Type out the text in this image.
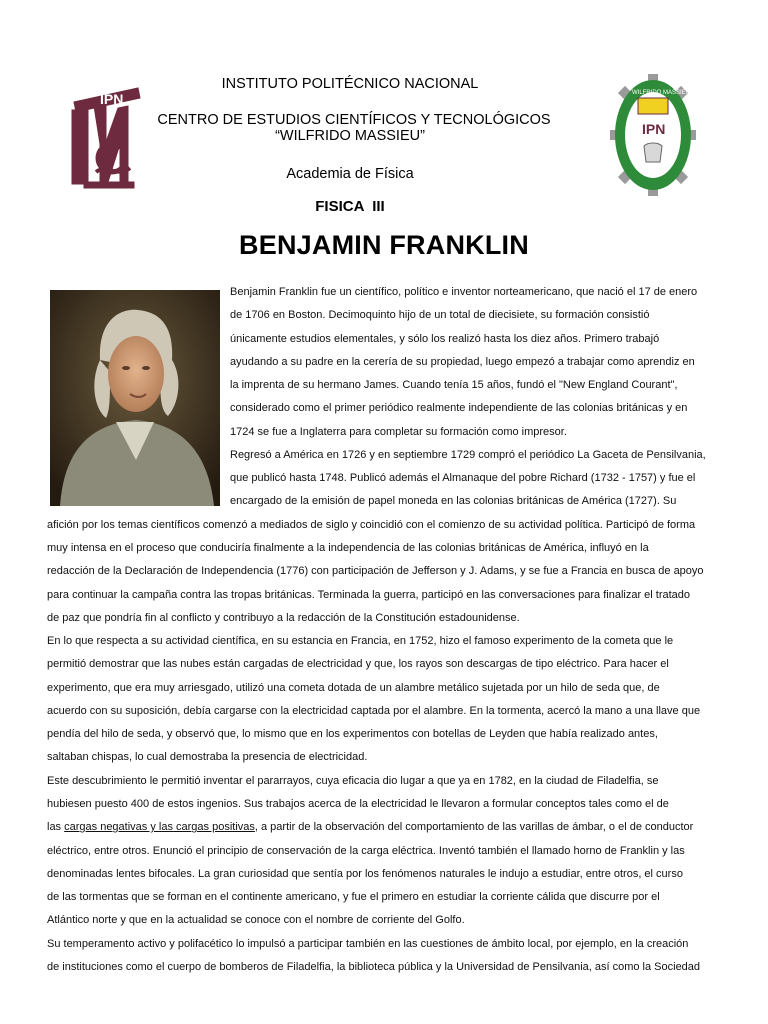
IPN
IPN
WILFRIDO MASSIEU
INSTITUTO POLITÉCNICO NACIONAL
CENTRO DE ESTUDIOS CIENTÍFICOS Y TECNOLÓGICOS
“WILFRIDO MASSIEU”
Academia de Física
FISICA  III
BENJAMIN FRANKLIN
Benjamin Franklin fue un científico, político e inventor norteamericano, que nació el 17 de enero
de 1706 en Boston. Decimoquinto hijo de un total de diecisiete, su formación consistió
únicamente estudios elementales, y sólo los realizó hasta los diez años. Primero trabajó
ayudando a su padre en la cerería de su propiedad, luego empezó a trabajar como aprendiz en
la imprenta de su hermano James. Cuando tenía 15 años, fundó el "New England Courant",
considerado como el primer periódico realmente independiente de las colonias británicas y en
1724 se fue a Inglaterra para completar su formación como impresor.
Regresó a América en 1726 y en septiembre 1729 compró el periódico La Gaceta de Pensilvania,
que publicó hasta 1748. Publicó además el Almanaque del pobre Richard (1732 - 1757) y fue el
encargado de la emisión de papel moneda en las colonias británicas de América (1727). Su
afición por los temas científicos comenzó a mediados de siglo y coincidió con el comienzo de su actividad política. Participó de forma
muy intensa en el proceso que conduciría finalmente a la independencia de las colonias británicas de América, influyó en la
redacción de la Declaración de Independencia (1776) con participación de Jefferson y J. Adams, y se fue a Francia en busca de apoyo
para continuar la campaña contra las tropas británicas. Terminada la guerra, participó en las conversaciones para finalizar el tratado
de paz que pondría fin al conflicto y contribuyo a la redacción de la Constitución estadounidense.
En lo que respecta a su actividad científica, en su estancia en Francia, en 1752, hizo el famoso experimento de la cometa que le
permitió demostrar que las nubes están cargadas de electricidad y que, los rayos son descargas de tipo eléctrico. Para hacer el
experimento, que era muy arriesgado, utilizó una cometa dotada de un alambre metálico sujetada por un hilo de seda que, de
acuerdo con su suposición, debía cargarse con la electricidad captada por el alambre. En la tormenta, acercó la mano a una llave que
pendía del hilo de seda, y observó que, lo mismo que en los experimentos con botellas de Leyden que había realizado antes,
saltaban chispas, lo cual demostraba la presencia de electricidad.
Este descubrimiento le permitió inventar el pararrayos, cuya eficacia dio lugar a que ya en 1782, en la ciudad de Filadelfia, se
hubiesen puesto 400 de estos ingenios. Sus trabajos acerca de la electricidad le llevaron a formular conceptos tales como el de
las cargas negativas y las cargas positivas, a partir de la observación del comportamiento de las varillas de ámbar, o el de conductor
eléctrico, entre otros. Enunció el principio de conservación de la carga eléctrica. Inventó también el llamado horno de Franklin y las
denominadas lentes bifocales. La gran curiosidad que sentía por los fenómenos naturales le indujo a estudiar, entre otros, el curso
de las tormentas que se forman en el continente americano, y fue el primero en estudiar la corriente cálida que discurre por el
Atlántico norte y que en la actualidad se conoce con el nombre de corriente del Golfo.
Su temperamento activo y polifacético lo impulsó a participar también en las cuestiones de ámbito local, por ejemplo, en la creación
de instituciones como el cuerpo de bomberos de Filadelfia, la biblioteca pública y la Universidad de Pensilvania, así como la Sociedad
